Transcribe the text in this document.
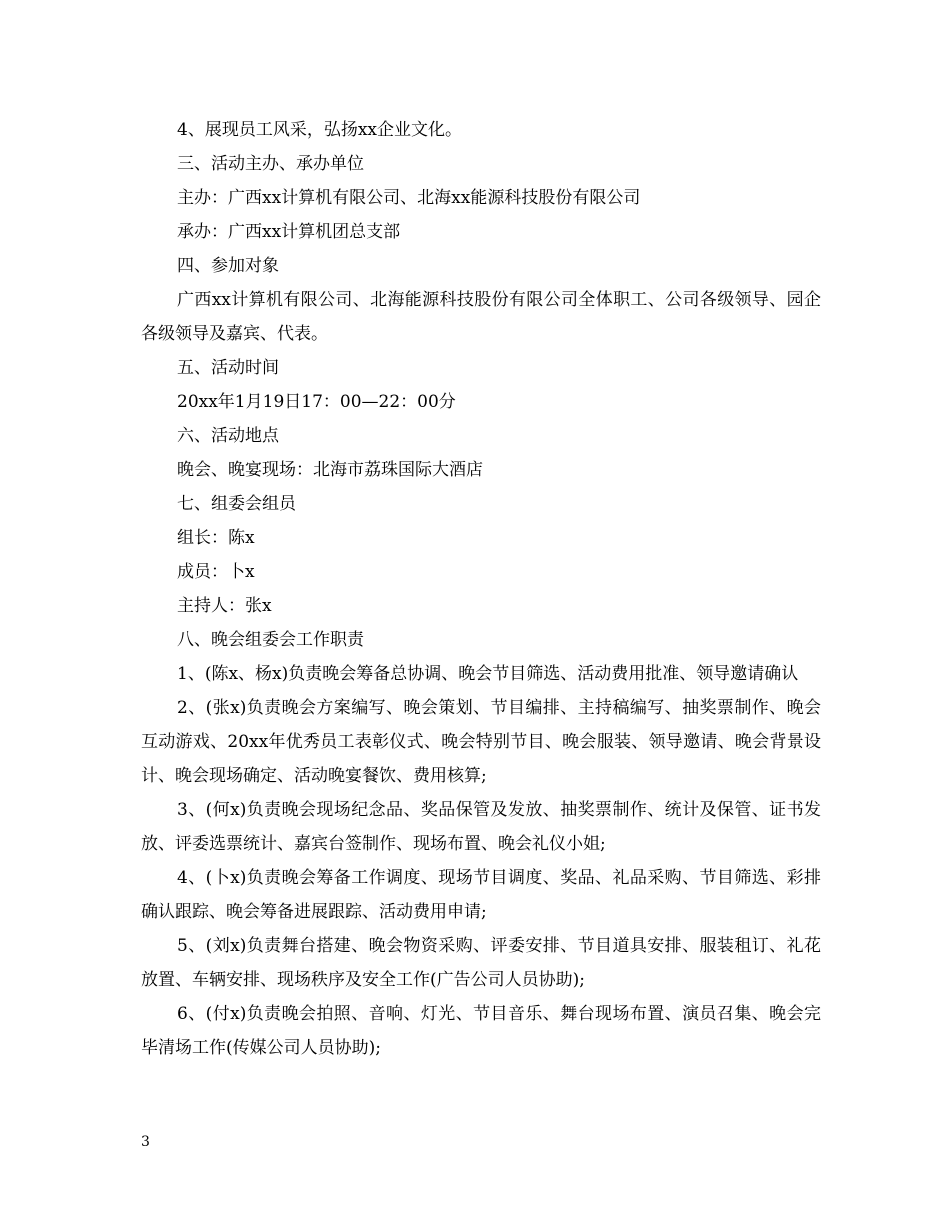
4、展现员工风采，弘扬xx企业文化。

三、活动主办、承办单位

主办：广西xx计算机有限公司、北海xx能源科技股份有限公司

承办：广西xx计算机团总支部

四、参加对象

广西xx计算机有限公司、北海能源科技股份有限公司全体职工、公司各级领导、园企各级领导及嘉宾、代表。

五、活动时间

20xx年1月19日17：00—22：00分

六、活动地点

晚会、晚宴现场：北海市荔珠国际大酒店

七、组委会组员

组长：陈x

成员：卜x

主持人：张x

八、晚会组委会工作职责

1、(陈x、杨x)负责晚会筹备总协调、晚会节目筛选、活动费用批准、领导邀请确认

2、(张x)负责晚会方案编写、晚会策划、节目编排、主持稿编写、抽奖票制作、晚会互动游戏、20xx年优秀员工表彰仪式、晚会特别节目、晚会服装、领导邀请、晚会背景设计、晚会现场确定、活动晚宴餐饮、费用核算;

3、(何x)负责晚会现场纪念品、奖品保管及发放、抽奖票制作、统计及保管、证书发放、评委选票统计、嘉宾台签制作、现场布置、晚会礼仪小姐;

4、(卜x)负责晚会筹备工作调度、现场节目调度、奖品、礼品采购、节目筛选、彩排确认跟踪、晚会筹备进展跟踪、活动费用申请;

5、(刘x)负责舞台搭建、晚会物资采购、评委安排、节目道具安排、服装租订、礼花放置、车辆安排、现场秩序及安全工作(广告公司人员协助);

6、(付x)负责晚会拍照、音响、灯光、节目音乐、舞台现场布置、演员召集、晚会完毕清场工作(传媒公司人员协助);

3
